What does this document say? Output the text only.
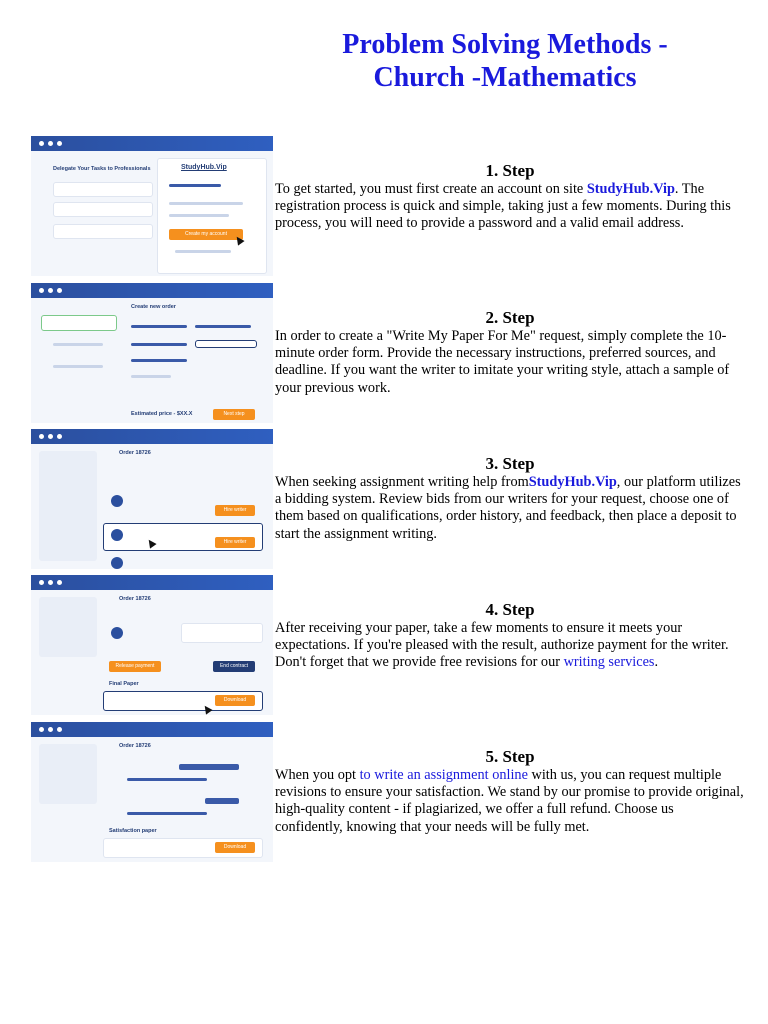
Problem Solving Methods -
Church -Mathematics
Delegate Your Tasks to Professionals	StudyHub.Vip
Create my account
1. Step

To get started, you must first create an account on site StudyHub.Vip. The registration process is quick and simple, taking just a few moments. During this process, you will need to provide a password and a valid email address.

Create new order
Estimated price - $XX.X	Next step
2. Step

In order to create a "Write My Paper For Me" request, simply complete the 10-minute order form. Provide the necessary instructions, preferred sources, and deadline. If you want the writer to imitate your writing style, attach a sample of your previous work.

Order 18726
Hire writer
Hire writer
3. Step

When seeking assignment writing help fromStudyHub.Vip, our platform utilizes a bidding system. Review bids from our writers for your request, choose one of them based on qualifications, order history, and feedback, then place a deposit to start the assignment writing.

Order 18726
Release payment	End contract
Final Paper
Download
4. Step

After receiving your paper, take a few moments to ensure it meets your expectations. If you're pleased with the result, authorize payment for the writer. Don't forget that we provide free revisions for our writing services.

Order 18726
Satisfaction paper
Download
5. Step

When you opt to write an assignment online with us, you can request multiple revisions to ensure your satisfaction. We stand by our promise to provide original, high-quality content - if plagiarized, we offer a full refund. Choose us confidently, knowing that your needs will be fully met.
